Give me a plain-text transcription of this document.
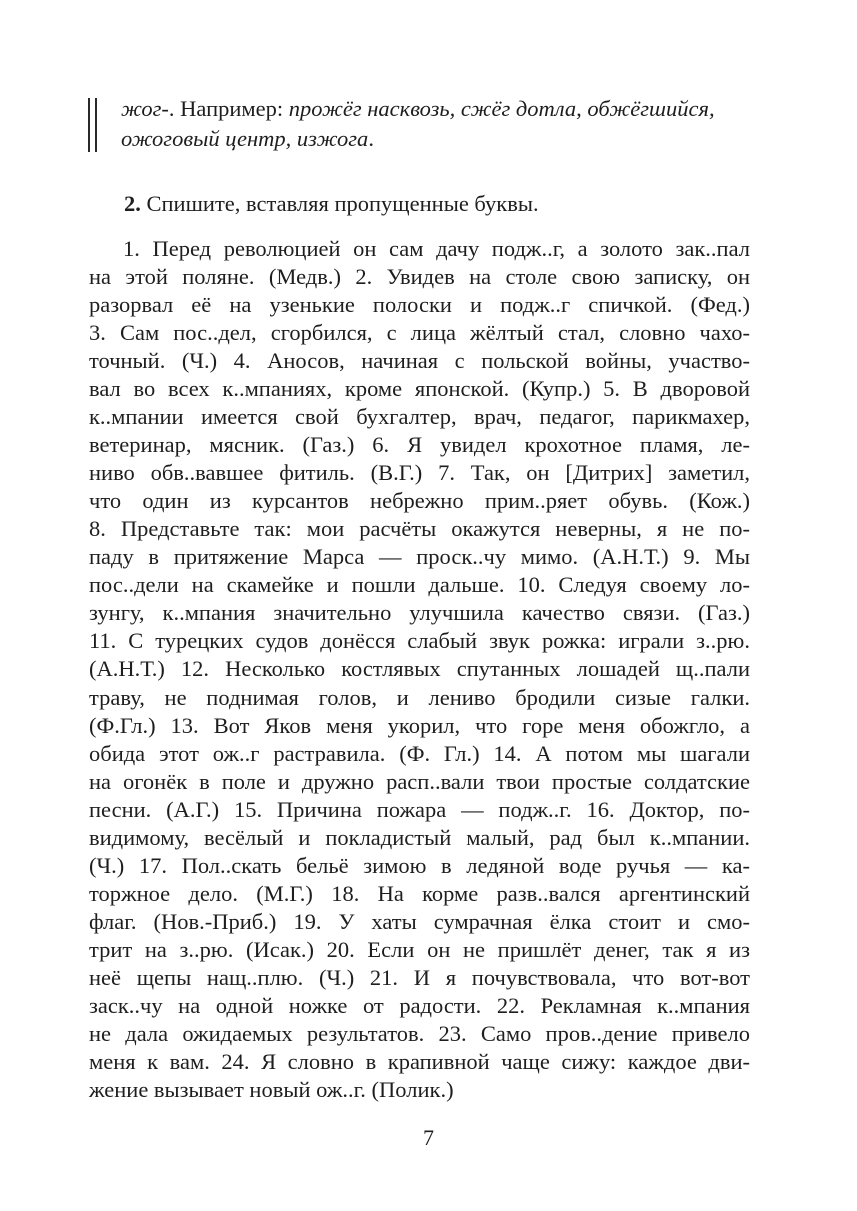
жог-. Например: прожёг насквозь, сжёг дотла, обжёгшийся,
ожоговый центр, изжога.
2. Спишите, вставляя пропущенные буквы.
1. Перед революцией он сам дачу подж..г, а золото зак..пал
на этой поляне. (Медв.) 2. Увидев на столе свою записку, он
разорвал её на узенькие полоски и подж..г спичкой. (Фед.)
3. Сам пос..дел, сгорбился, с лица жёлтый стал, словно чахо-
точный. (Ч.) 4. Аносов, начиная с польской войны, участво-
вал во всех к..мпаниях, кроме японской. (Купр.) 5. В дворовой
к..мпании имеется свой бухгалтер, врач, педагог, парикмахер,
ветеринар, мясник. (Газ.) 6. Я увидел крохотное пламя, ле-
ниво обв..вавшее фитиль. (В.Г.) 7. Так, он [Дитрих] заметил,
что один из курсантов небрежно прим..ряет обувь. (Кож.)
8. Представьте так: мои расчёты окажутся неверны, я не по-
паду в притяжение Марса — проск..чу мимо. (А.Н.Т.) 9. Мы
пос..дели на скамейке и пошли дальше. 10. Следуя своему ло-
зунгу, к..мпания значительно улучшила качество связи. (Газ.)
11. С турецких судов донёсся слабый звук рожка: играли з..рю.
(А.Н.Т.) 12. Несколько костлявых спутанных лошадей щ..пали
траву, не поднимая голов, и лениво бродили сизые галки.
(Ф.Гл.) 13. Вот Яков меня укорил, что горе меня обожгло, а
обида этот ож..г растравила. (Ф. Гл.) 14. А потом мы шагали
на огонёк в поле и дружно расп..вали твои простые солдатские
песни. (А.Г.) 15. Причина пожара — подж..г. 16. Доктор, по-
видимому, весёлый и покладистый малый, рад был к..мпании.
(Ч.) 17. Пол..скать бельё зимою в ледяной воде ручья — ка-
торжное дело. (М.Г.) 18. На корме разв..вался аргентинский
флаг. (Нов.-Приб.) 19. У хаты сумрачная ёлка стоит и смо-
трит на з..рю. (Исак.) 20. Если он не пришлёт денег, так я из
неё щепы нащ..плю. (Ч.) 21. И я почувствовала, что вот-вот
заск..чу на одной ножке от радости. 22. Рекламная к..мпания
не дала ожидаемых результатов. 23. Само пров..дение привело
меня к вам. 24. Я словно в крапивной чаще сижу: каждое дви-
жение вызывает новый ож..г. (Полик.)
7
